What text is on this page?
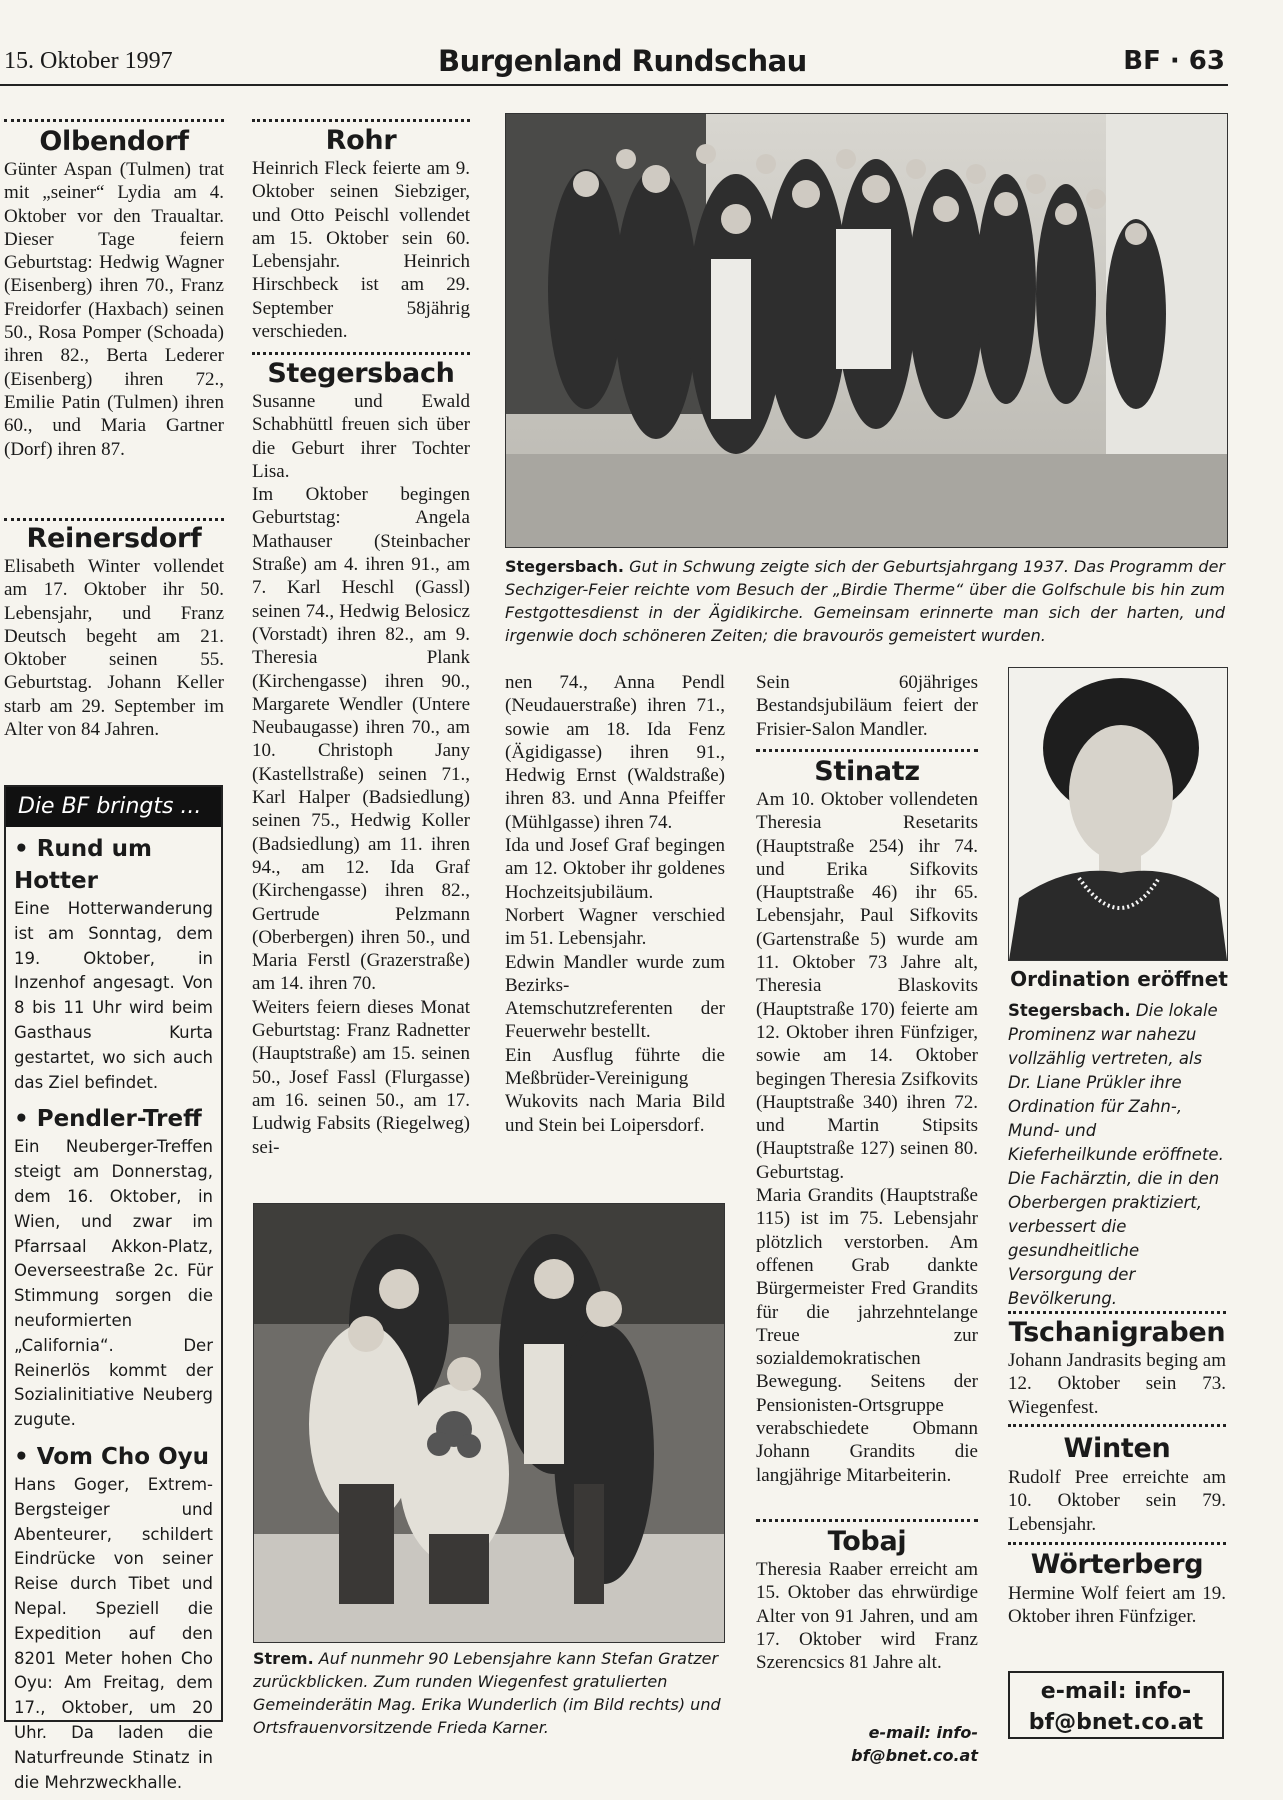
15. Oktober 1997	Burgenland Rundschau	BF · 63
Olbendorf

Günter Aspan (Tulmen) trat mit „seiner“ Lydia am 4. Oktober vor den Traualtar. Dieser Tage feiern Geburtstag: Hedwig Wagner (Eisenberg) ihren 70., Franz Freidorfer (Haxbach) seinen 50., Rosa Pomper (Schoada) ihren 82., Berta Lederer (Eisenberg) ihren 72., Emilie Patin (Tulmen) ihren 60., und Maria Gartner (Dorf) ihren 87.

Reinersdorf

Elisabeth Winter vollendet am 17. Oktober ihr 50. Lebensjahr, und Franz Deutsch begeht am 21. Oktober seinen 55. Geburtstag. Johann Keller starb am 29. September im Alter von 84 Jahren.

Die BF bringts ...
• Rund um Hotter

Eine Hotterwanderung ist am Sonntag, dem 19. Oktober, in Inzenhof angesagt. Von 8 bis 11 Uhr wird beim Gasthaus Kurta gestartet, wo sich auch das Ziel befindet.

• Pendler-Treff

Ein Neuberger-Treffen steigt am Donnerstag, dem 16. Oktober, in Wien, und zwar im Pfarrsaal Akkon-Platz, Oeverseestraße 2c. Für Stimmung sorgen die neuformierten „California“. Der Reinerlös kommt der Sozialinitiative Neuberg zugute.

• Vom Cho Oyu

Hans Goger, Extrem-Bergsteiger und Abenteurer, schildert Eindrücke von seiner Reise durch Tibet und Nepal. Speziell die Expedition auf den 8201 Meter hohen Cho Oyu: Am Freitag, dem 17., Oktober, um 20 Uhr. Da laden die Naturfreunde Stinatz in die Mehrzweckhalle.

Rohr

Heinrich Fleck feierte am 9. Oktober seinen Siebziger, und Otto Peischl vollendet am 15. Oktober sein 60. Lebensjahr. Heinrich Hirschbeck ist am 29. September 58jährig verschieden.

Stegersbach

Susanne und Ewald Schabhüttl freuen sich über die Geburt ihrer Tochter Lisa.

Im Oktober begingen Geburtstag: Angela Mathauser (Steinbacher Straße) am 4. ihren 91., am 7. Karl Heschl (Gassl) seinen 74., Hedwig Belosicz (Vorstadt) ihren 82., am 9. Theresia Plank (Kirchengasse) ihren 90., Margarete Wendler (Untere Neubaugasse) ihren 70., am 10. Christoph Jany (Kastellstraße) seinen 71., Karl Halper (Badsiedlung) seinen 75., Hedwig Koller (Badsiedlung) am 11. ihren 94., am 12. Ida Graf (Kirchengasse) ihren 82., Gertrude Pelzmann (Oberbergen) ihren 50., und Maria Ferstl (Grazerstraße) am 14. ihren 70.

Weiters feiern dieses Monat Geburtstag: Franz Radnetter (Hauptstraße) am 15. seinen 50., Josef Fassl (Flurgasse) am 16. seinen 50., am 17. Ludwig Fabsits (Riegelweg) sei-

Stegersbach. Gut in Schwung zeigte sich der Geburtsjahrgang 1937. Das Programm der Sechziger-Feier reichte vom Besuch der „Birdie Therme“ über die Golfschule bis hin zum Festgottesdienst in der Ägidikirche. Gemeinsam erinnerte man sich der harten, und irgenwie doch schöneren Zeiten; die bravourös gemeistert wurden.

nen 74., Anna Pendl (Neudauerstraße) ihren 71., sowie am 18. Ida Fenz (Ägidigasse) ihren 91., Hedwig Ernst (Waldstraße) ihren 83. und Anna Pfeiffer (Mühlgasse) ihren 74.

Ida und Josef Graf begingen am 12. Oktober ihr goldenes Hochzeitsjubiläum.

Norbert Wagner verschied im 51. Lebensjahr.

Edwin Mandler wurde zum Bezirks-Atemschutzreferenten der Feuerwehr bestellt.

Ein Ausflug führte die Meßbrüder-Vereinigung Wukovits nach Maria Bild und Stein bei Loipersdorf.

Strem. Auf nunmehr 90 Lebensjahre kann Stefan Gratzer zurückblicken. Zum runden Wiegenfest gratulierten Gemeinderätin Mag. Erika Wunderlich (im Bild rechts) und Ortsfrauenvorsitzende Frieda Karner.

Sein 60jähriges Bestandsjubiläum feiert der Frisier-Salon Mandler.

Stinatz

Am 10. Oktober vollendeten Theresia Resetarits (Hauptstraße 254) ihr 74. und Erika Sifkovits (Hauptstraße 46) ihr 65. Lebensjahr, Paul Sifkovits (Gartenstraße 5) wurde am 11. Oktober 73 Jahre alt, Theresia Blaskovits (Hauptstraße 170) feierte am 12. Oktober ihren Fünfziger, sowie am 14. Oktober begingen Theresia Zsifkovits (Hauptstraße 340) ihren 72. und Martin Stipsits (Hauptstraße 127) seinen 80. Geburtstag.

Maria Grandits (Hauptstraße 115) ist im 75. Lebensjahr plötzlich verstorben. Am offenen Grab dankte Bürgermeister Fred Grandits für die jahrzehntelange Treue zur sozialdemokratischen Bewegung. Seitens der Pensionisten-Ortsgruppe verabschiedete Obmann Johann Grandits die langjährige Mitarbeiterin.

Tobaj

Theresia Raaber erreicht am 15. Oktober das ehrwürdige Alter von 91 Jahren, und am 17. Oktober wird Franz Szerencsics 81 Jahre alt.

e-mail: info-bf@bnet.co.at
Ordination eröffnet
Stegersbach. Die lokale Prominenz war nahezu vollzählig vertreten, als Dr. Liane Prükler ihre Ordination für Zahn-, Mund- und Kieferheilkunde eröffnete. Die Fachärztin, die in den Oberbergen praktiziert, verbessert die gesundheitliche Versorgung der Bevölkerung.
Tschanigraben

Johann Jandrasits beging am 12. Oktober sein 73. Wiegenfest.

Winten

Rudolf Pree erreichte am 10. Oktober sein 79. Lebensjahr.

Wörterberg

Hermine Wolf feiert am 19. Oktober ihren Fünfziger.

e-mail: info-
bf@bnet.co.at
